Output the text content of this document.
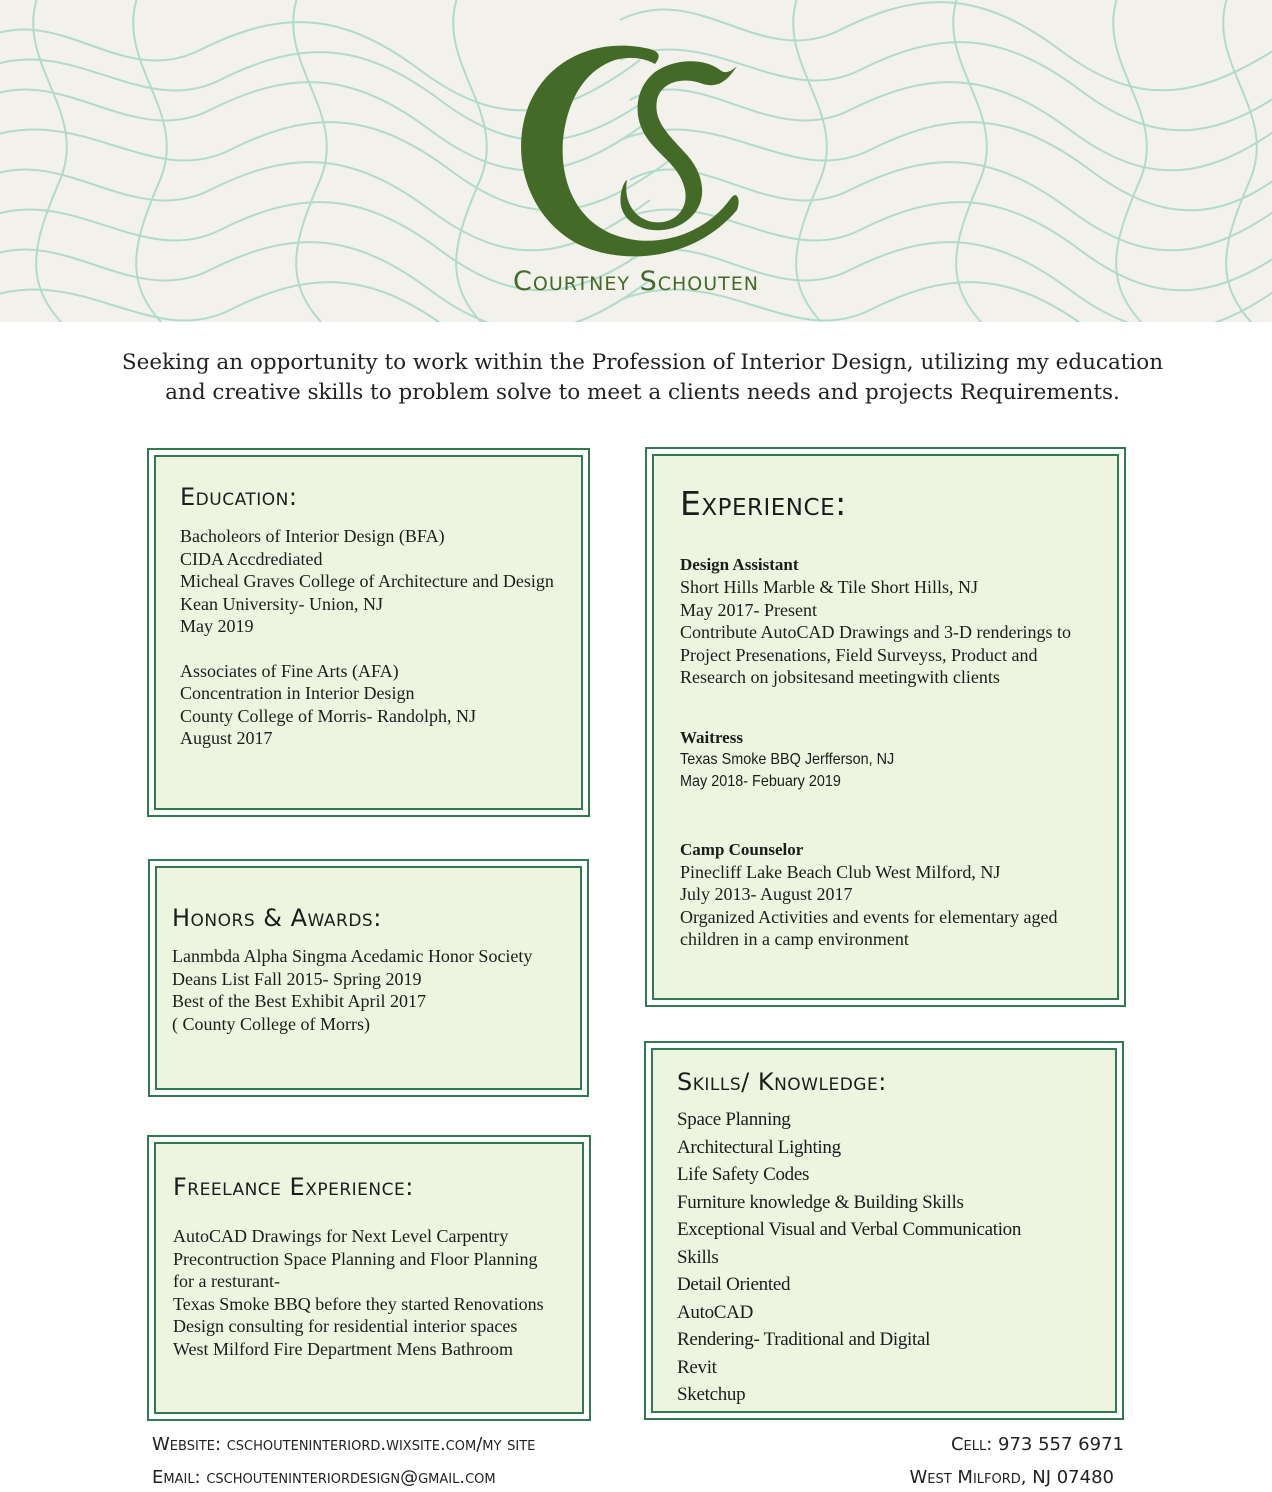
Courtney Schouten
Seeking an opportunity to work within the Profession of Interior Design, utilizing my education
and creative skills to problem solve to meet a clients needs and projects Requirements.
Education:
Bacholeors of Interior Design (BFA)
CIDA Accdrediated
Micheal Graves College of Architecture and Design
Kean University- Union, NJ
May 2019
Associates of Fine Arts (AFA)
Concentration in Interior Design
County College of Morris- Randolph, NJ
August 2017
Honors & Awards:
Lanmbda Alpha Singma Acedamic Honor Society
Deans List Fall 2015- Spring 2019
Best of the Best Exhibit April 2017
( County College of Morrs)
Freelance Experience:
AutoCAD Drawings for Next Level Carpentry
Precontruction Space Planning and Floor Planning
for a resturant-
Texas Smoke BBQ before they started Renovations
Design consulting for residential interior spaces
West Milford Fire Department Mens Bathroom
Experience:
Design Assistant
Short Hills Marble & Tile Short Hills, NJ
May 2017- Present
Contribute AutoCAD Drawings and 3-D renderings to
Project Presenations, Field Surveyss, Product and
Research on jobsitesand meetingwith clients
Waitress
Texas Smoke BBQ Jerfferson, NJ
May 2018- Febuary 2019
Camp Counselor
Pinecliff Lake Beach Club West Milford, NJ
July 2013- August 2017
Organized Activities and events for elementary aged
children in a camp environment
Skills/ Knowledge:
Space Planning
Architectural Lighting
Life Safety Codes
Furniture knowledge & Building Skills
Exceptional Visual and Verbal Communication
Skills
Detail Oriented
AutoCAD
Rendering- Traditional and Digital
Revit
Sketchup
Website: cschouteninteriord.wixsite.com/my site
Email: cschouteninteriordesign@gmail.com
Cell: 973 557 6971
West Milford, NJ 07480
